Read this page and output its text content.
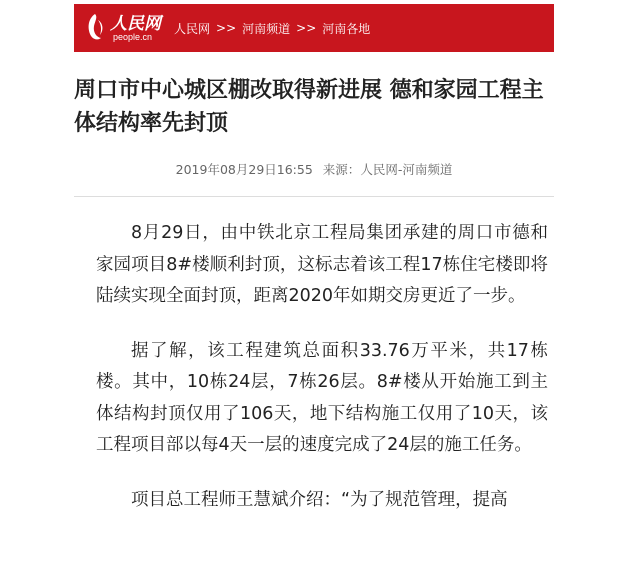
人民网
people.cn
人民网 >> 河南频道 >> 河南各地
周口市中心城区棚改取得新进展 德和家园工程主体结构率先封顶
2019年08月29日16:55 来源：人民网-河南频道

8月29日，由中铁北京工程局集团承建的周口市德和家园项目8#楼顺利封顶，这标志着该工程17栋住宅楼即将陆续实现全面封顶，距离2020年如期交房更近了一步。

据了解，该工程建筑总面积33.76万平米，共17栋楼。其中，10栋24层，7栋26层。8#楼从开始施工到主体结构封顶仅用了106天，地下结构施工仅用了10天，该工程项目部以每4天一层的速度完成了24层的施工任务。

项目总工程师王慧斌介绍：“为了规范管理，提高
